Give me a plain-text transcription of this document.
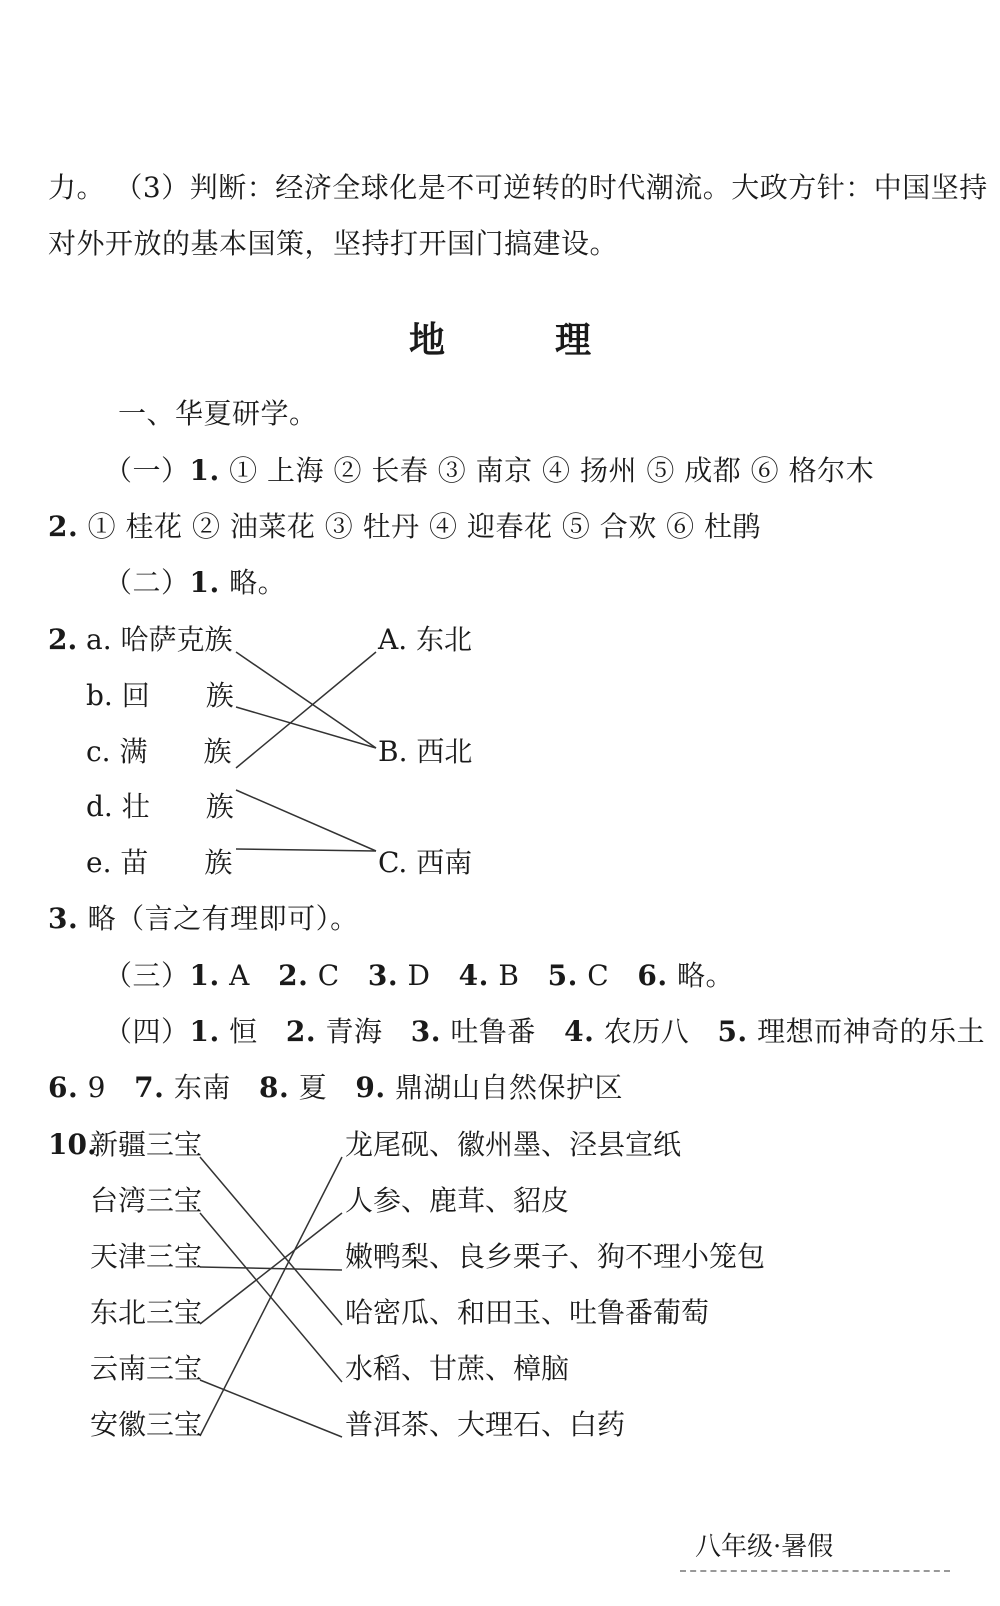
力。 （3）判断：经济全球化是不可逆转的时代潮流。大政方针：中国坚持
对外开放的基本国策，坚持打开国门搞建设。
地理
一、华夏研学。
（一）1. ① 上海 ② 长春 ③ 南京 ④ 扬州 ⑤ 成都 ⑥ 格尔木
2. ① 桂花 ② 油菜花 ③ 牡丹 ④ 迎春花 ⑤ 合欢 ⑥ 杜鹃
（二）1. 略。
2. a. 哈萨克族
b. 回　　族
c. 满　　族
d. 壮　　族
e. 苗　　族
A. 东北
B. 西北
C. 西南
3. 略（言之有理即可）。
（三）1. A 2. C 3. D 4. B 5. C 6. 略。
（四）1. 恒 2. 青海 3. 吐鲁番 4. 农历八 5. 理想而神奇的乐土
6. 9 7. 东南 8. 夏 9. 鼎湖山自然保护区
10.
新疆三宝
台湾三宝
天津三宝
东北三宝
云南三宝
安徽三宝
龙尾砚、徽州墨、泾县宣纸
人参、鹿茸、貂皮
嫩鸭梨、良乡栗子、狗不理小笼包
哈密瓜、和田玉、吐鲁番葡萄
水稻、甘蔗、樟脑
普洱茶、大理石、白药
八年级·暑假
